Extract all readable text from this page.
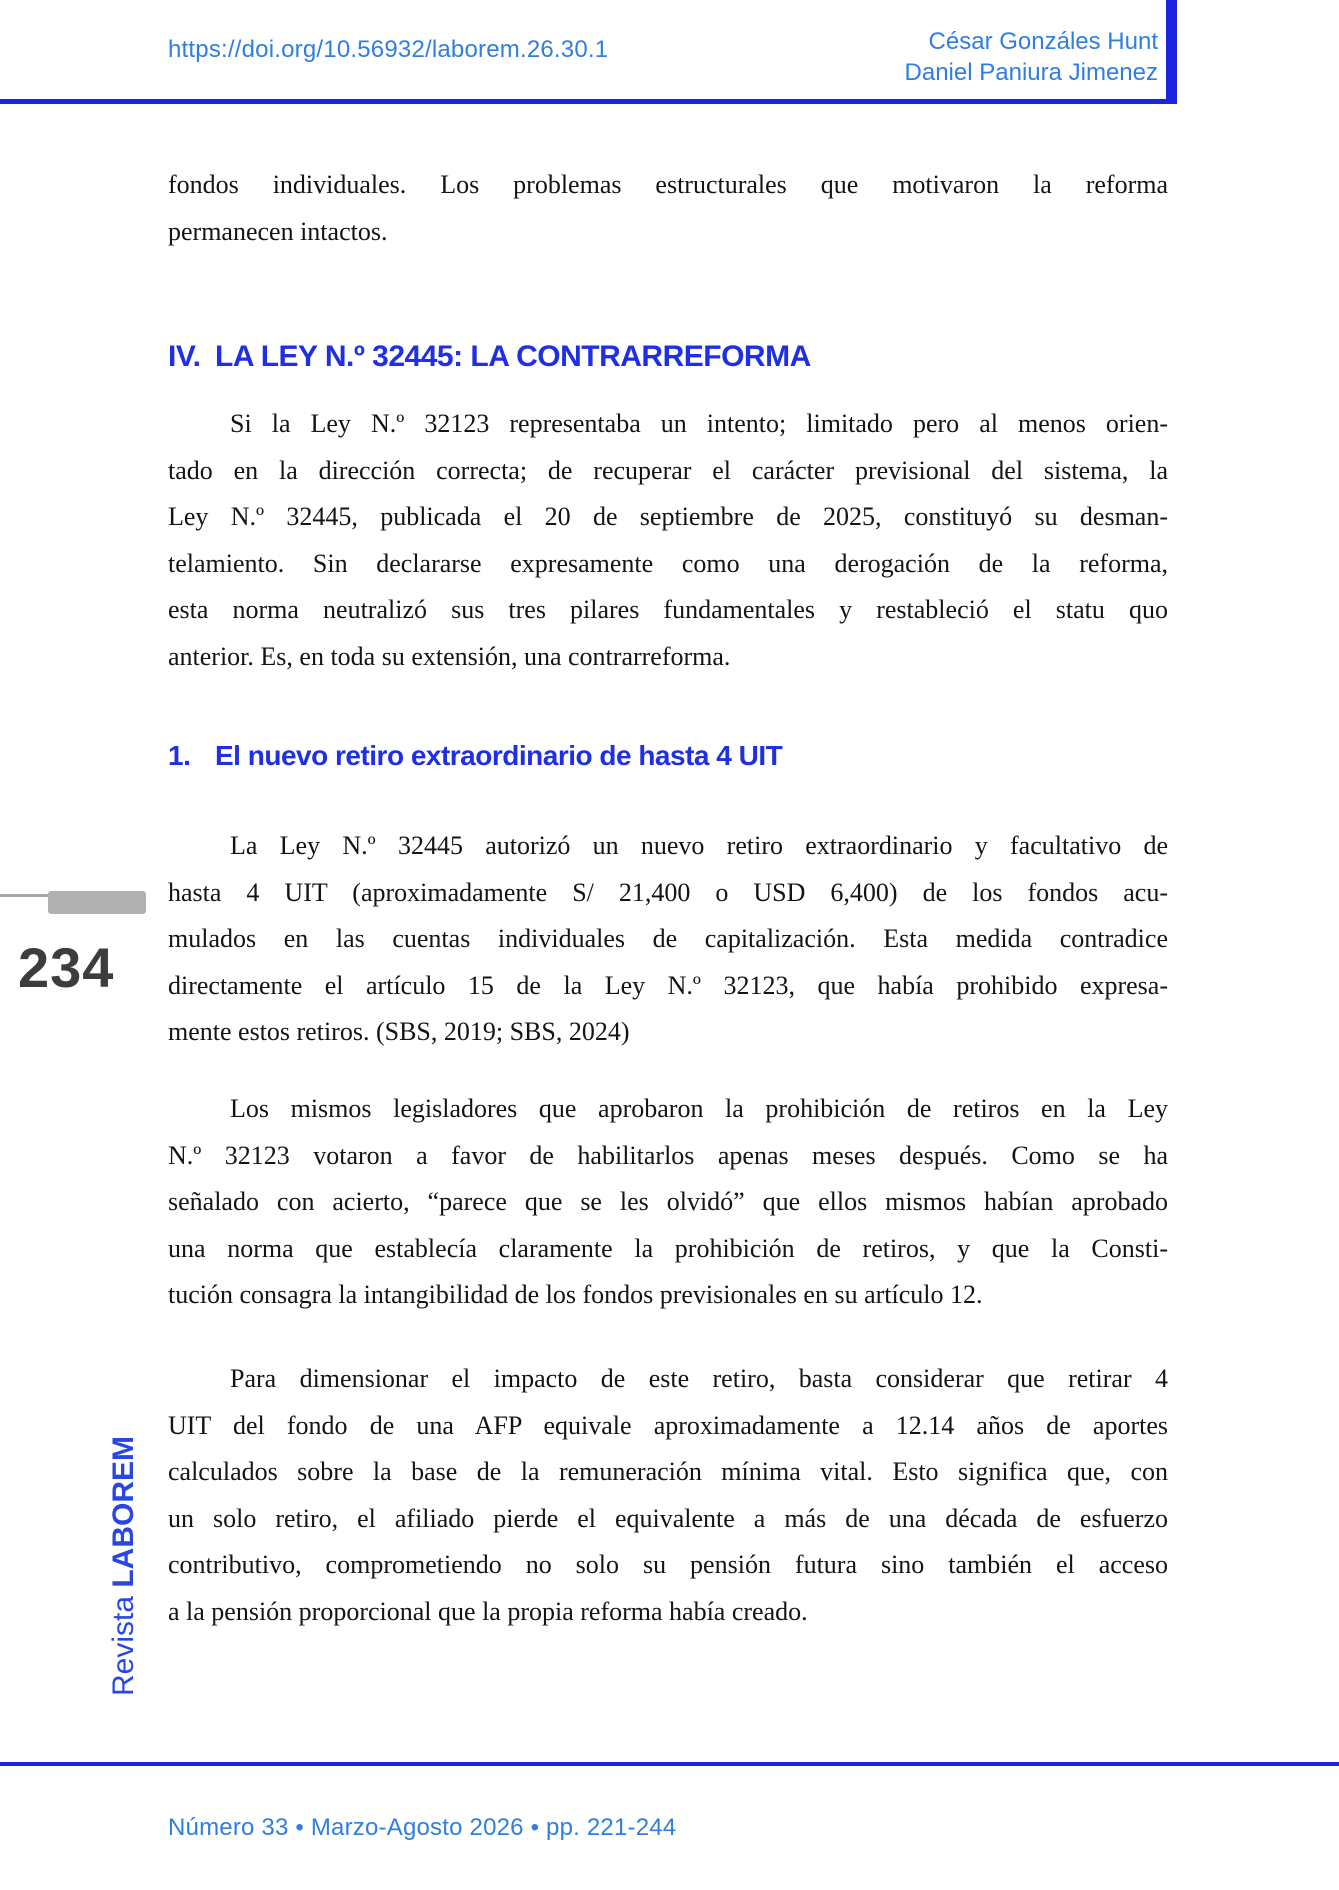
https://doi.org/10.56932/laborem.26.30.1	César Gonzáles Hunt
Daniel Paniura Jimenez
fondos individuales. Los problemas estructurales que motivaron la reforma
permanecen intactos.
IV. LA LEY N.º 32445: LA CONTRARREFORMA
Si la Ley N.º 32123 representaba un intento; limitado pero al menos orien-
tado en la dirección correcta; de recuperar el carácter previsional del sistema, la
Ley N.º 32445, publicada el 20 de septiembre de 2025, constituyó su desman-
telamiento. Sin declararse expresamente como una derogación de la reforma,
esta norma neutralizó sus tres pilares fundamentales y restableció el statu quo
anterior. Es, en toda su extensión, una contrarreforma.
1. El nuevo retiro extraordinario de hasta 4 UIT
La Ley N.º 32445 autorizó un nuevo retiro extraordinario y facultativo de
hasta 4 UIT (aproximadamente S/ 21,400 o USD 6,400) de los fondos acu-
mulados en las cuentas individuales de capitalización. Esta medida contradice
directamente el artículo 15 de la Ley N.º 32123, que había prohibido expresa-
mente estos retiros. (SBS, 2019; SBS, 2024)
Los mismos legisladores que aprobaron la prohibición de retiros en la Ley
N.º 32123 votaron a favor de habilitarlos apenas meses después. Como se ha
señalado con acierto, “parece que se les olvidó” que ellos mismos habían aprobado
una norma que establecía claramente la prohibición de retiros, y que la Consti-
tución consagra la intangibilidad de los fondos previsionales en su artículo 12.
Para dimensionar el impacto de este retiro, basta considerar que retirar 4
UIT del fondo de una AFP equivale aproximadamente a 12.14 años de aportes
calculados sobre la base de la remuneración mínima vital. Esto significa que, con
un solo retiro, el afiliado pierde el equivalente a más de una década de esfuerzo
contributivo, comprometiendo no solo su pensión futura sino también el acceso
a la pensión proporcional que la propia reforma había creado.
234
Revista LABOREM
Número 33 • Marzo-Agosto 2026 • pp. 221-244
